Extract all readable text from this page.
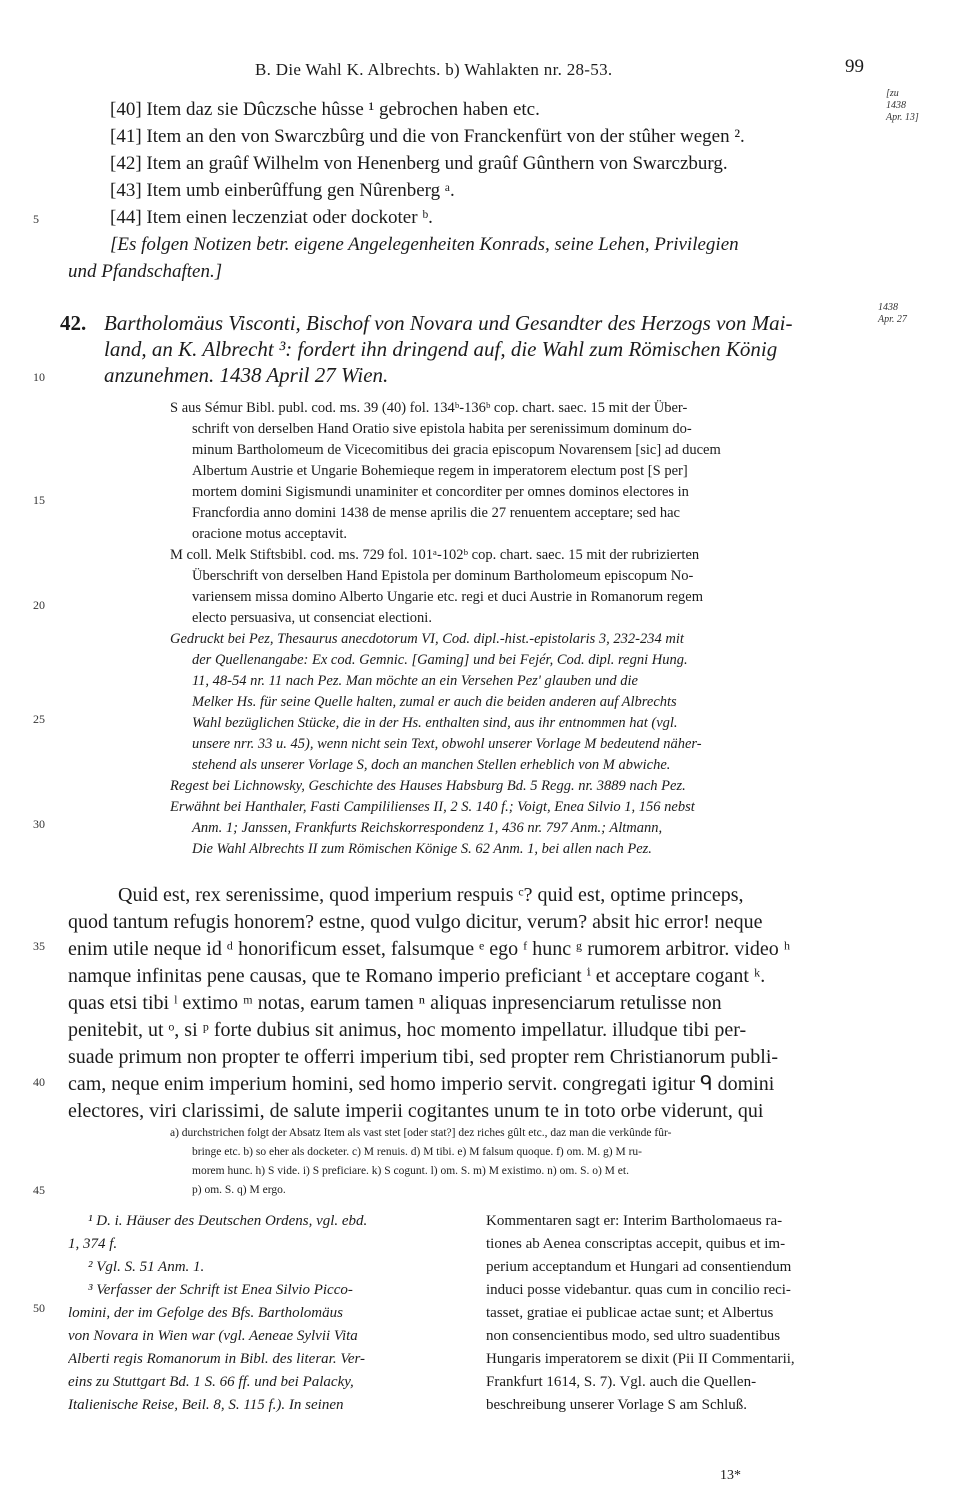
B. Die Wahl K. Albrechts. b) Wahlakten nr. 28-53.	99
[zu
1438
Apr. 13]
1438
Apr. 27
5
10
15
20
25
30
35
40
45
50
[40] Item daz sie Dûczsche hûsse ¹ gebrochen haben etc.
[41] Item an den von Swarczbûrg und die von Franckenfürt von der stûher wegen ².
[42] Item an graûf Wilhelm von Henenberg und graûf Gûnthern von Swarczburg.
[43] Item umb einberûffung gen Nûrenberg ᵃ.
[44] Item einen leczenziat oder dockoter ᵇ.
[Es folgen Notizen betr. eigene Angelegenheiten Konrads, seine Lehen, Privilegien
und Pfandschaften.]
42. Bartholomäus Visconti, Bischof von Novara und Gesandter des Herzogs von Mai-
land, an K. Albrecht ³: fordert ihn dringend auf, die Wahl zum Römischen König
anzunehmen. 1438 April 27 Wien.
S aus Sémur Bibl. publ. cod. ms. 39 (40) fol. 134ᵇ-136ᵇ cop. chart. saec. 15 mit der Über-
schrift von derselben Hand Oratio sive epistola habita per serenissimum dominum do-
minum Bartholomeum de Vicecomitibus dei gracia episcopum Novarensem [sic] ad ducem
Albertum Austrie et Ungarie Bohemieque regem in imperatorem electum post [S per]
mortem domini Sigismundi unaminiter et concorditer per omnes dominos electores in
Francfordia anno domini 1438 de mense aprilis die 27 renuentem acceptare; sed hac
oracione motus acceptavit.
M coll. Melk Stiftsbibl. cod. ms. 729 fol. 101ᵃ-102ᵇ cop. chart. saec. 15 mit der rubrizierten
Überschrift von derselben Hand Epistola per dominum Bartholomeum episcopum No-
variensem missa domino Alberto Ungarie etc. regi et duci Austrie in Romanorum regem
electo persuasiva, ut consenciat electioni.
Gedruckt bei Pez, Thesaurus anecdotorum VI, Cod. dipl.-hist.-epistolaris 3, 232-234 mit
der Quellenangabe: Ex cod. Gemnic. [Gaming] und bei Fejér, Cod. dipl. regni Hung.
11, 48-54 nr. 11 nach Pez. Man möchte an ein Versehen Pez' glauben und die
Melker Hs. für seine Quelle halten, zumal er auch die beiden anderen auf Albrechts
Wahl bezüglichen Stücke, die in der Hs. enthalten sind, aus ihr entnommen hat (vgl.
unsere nrr. 33 u. 45), wenn nicht sein Text, obwohl unserer Vorlage M bedeutend näher-
stehend als unserer Vorlage S, doch an manchen Stellen erheblich von M abwiche.
Regest bei Lichnowsky, Geschichte des Hauses Habsburg Bd. 5 Regg. nr. 3889 nach Pez.
Erwähnt bei Hanthaler, Fasti Campililienses II, 2 S. 140 f.; Voigt, Enea Silvio 1, 156 nebst
Anm. 1; Janssen, Frankfurts Reichskorrespondenz 1, 436 nr. 797 Anm.; Altmann,
Die Wahl Albrechts II zum Römischen Könige S. 62 Anm. 1, bei allen nach Pez.
Quid est, rex serenissime, quod imperium respuis ᶜ? quid est, optime princeps,
quod tantum refugis honorem? estne, quod vulgo dicitur, verum? absit hic error! neque
enim utile neque id ᵈ honorificum esset, falsumque ᵉ ego ᶠ hunc ᵍ rumorem arbitror. video ʰ
namque infinitas pene causas, que te Romano imperio preficiant ⁱ et acceptare cogant ᵏ.
quas etsi tibi ˡ extimo ᵐ notas, earum tamen ⁿ aliquas inpresenciarum retulisse non
penitebit, ut ᵒ, si ᵖ forte dubius sit animus, hoc momento impellatur. illudque tibi per-
suade primum non propter te offerri imperium tibi, sed propter rem Christianorum publi-
cam, neque enim imperium homini, sed homo imperio servit. congregati igitur ᑫ domini
electores, viri clarissimi, de salute imperii cogitantes unum te in toto orbe viderunt, qui
a) durchstrichen folgt der Absatz Item als vast stet [oder stat?] dez riches gûlt etc., daz man die verkûnde fûr-
bringe etc. b) so eher als docketer. c) M renuis. d) M tibi. e) M falsum quoque. f) om. M. g) M ru-
morem hunc. h) S vide. i) S preficiare. k) S cogunt. l) om. S. m) M existimo. n) om. S. o) M et.
p) om. S. q) M ergo.
¹ D. i. Häuser des Deutschen Ordens, vgl. ebd.
1, 374 f.
² Vgl. S. 51 Anm. 1.
³ Verfasser der Schrift ist Enea Silvio Picco-
lomini, der im Gefolge des Bfs. Bartholomäus
von Novara in Wien war (vgl. Aeneae Sylvii Vita
Alberti regis Romanorum in Bibl. des literar. Ver-
eins zu Stuttgart Bd. 1 S. 66 ff. und bei Palacky,
Italienische Reise, Beil. 8, S. 115 f.). In seinen
Kommentaren sagt er: Interim Bartholomaeus ra-
tiones ab Aenea conscriptas accepit, quibus et im-
perium acceptandum et Hungari ad consentiendum
induci posse videbantur. quas cum in concilio reci-
tasset, gratiae ei publicae actae sunt; et Albertus
non consencientibus modo, sed ultro suadentibus
Hungaris imperatorem se dixit (Pii II Commentarii,
Frankfurt 1614, S. 7). Vgl. auch die Quellen-
beschreibung unserer Vorlage S am Schluß.
13*
